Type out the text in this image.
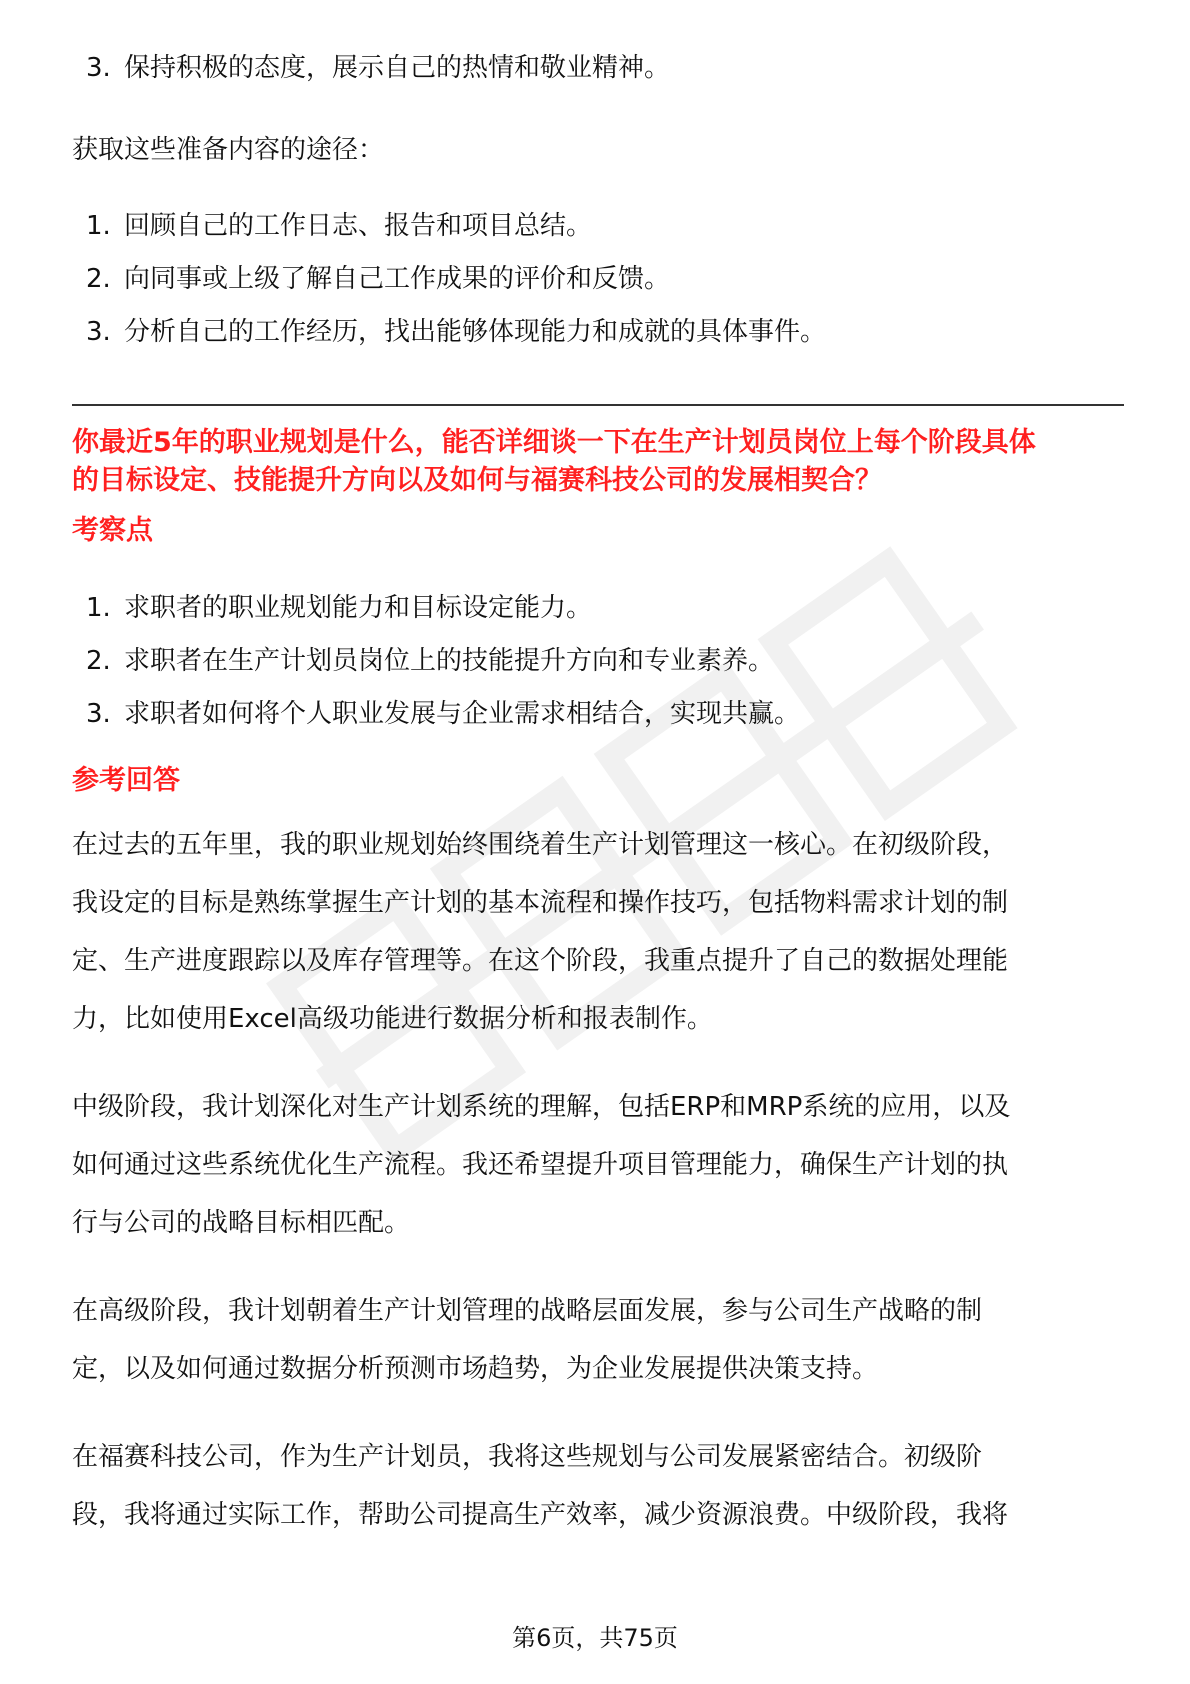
3. 保持积极的态度，展示自己的热情和敬业精神。

获取这些准备内容的途径：

1. 回顾自己的工作日志、报告和项目总结。
2. 向同事或上级了解自己工作成果的评价和反馈。
3. 分析自己的工作经历，找出能够体现能力和成就的具体事件。

你最近5年的职业规划是什么，能否详细谈一下在生产计划员岗位上每个阶段具体

的目标设定、技能提升方向以及如何与福赛科技公司的发展相契合？

考察点

1. 求职者的职业规划能力和目标设定能力。
2. 求职者在生产计划员岗位上的技能提升方向和专业素养。
3. 求职者如何将个人职业发展与企业需求相结合，实现共赢。

参考回答

在过去的五年里，我的职业规划始终围绕着生产计划管理这一核心。在初级阶段，

我设定的目标是熟练掌握生产计划的基本流程和操作技巧，包括物料需求计划的制

定、生产进度跟踪以及库存管理等。在这个阶段，我重点提升了自己的数据处理能

力，比如使用Excel高级功能进行数据分析和报表制作。

中级阶段，我计划深化对生产计划系统的理解，包括ERP和MRP系统的应用，以及

如何通过这些系统优化生产流程。我还希望提升项目管理能力，确保生产计划的执

行与公司的战略目标相匹配。

在高级阶段，我计划朝着生产计划管理的战略层面发展，参与公司生产战略的制

定，以及如何通过数据分析预测市场趋势，为企业发展提供决策支持。

在福赛科技公司，作为生产计划员，我将这些规划与公司发展紧密结合。初级阶

段，我将通过实际工作，帮助公司提高生产效率，减少资源浪费。中级阶段，我将

第6页，共75页
